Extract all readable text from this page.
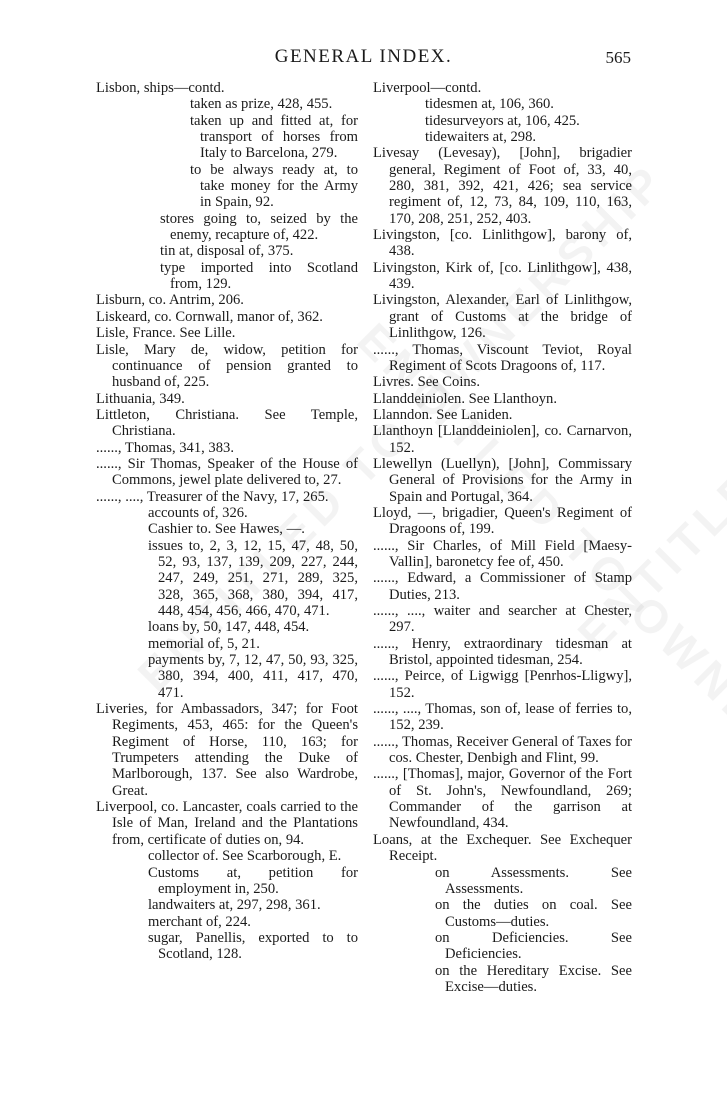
GENERAL INDEX.	565
Lisbon, ships—contd.
taken as prize, 428, 455.
taken up and fitted at, for transport of horses from Italy to Barcelona, 279.
to be always ready at, to take money for the Army in Spain, 92.
stores going to, seized by the enemy, recapture of, 422.
tin at, disposal of, 375.
type imported into Scotland from, 129.
Lisburn, co. Antrim, 206.
Liskeard, co. Cornwall, manor of, 362.
Lisle, France. See Lille.
Lisle, Mary de, widow, petition for continuance of pension granted to husband of, 225.
Lithuania, 349.
Littleton, Christiana. See Temple, Christiana.
......, Thomas, 341, 383.
......, Sir Thomas, Speaker of the House of Commons, jewel plate delivered to, 27.
......, ...., Treasurer of the Navy, 17, 265.
accounts of, 326.
Cashier to. See Hawes, —.
issues to, 2, 3, 12, 15, 47, 48, 50, 52, 93, 137, 139, 209, 227, 244, 247, 249, 251, 271, 289, 325, 328, 365, 368, 380, 394, 417, 448, 454, 456, 466, 470, 471.
loans by, 50, 147, 448, 454.
memorial of, 5, 21.
payments by, 7, 12, 47, 50, 93, 325, 380, 394, 400, 411, 417, 470, 471.
Liveries, for Ambassadors, 347; for Foot Regiments, 453, 465: for the Queen's Regiment of Horse, 110, 163; for Trumpeters attending the Duke of Marlborough, 137. See also Wardrobe, Great.
Liverpool, co. Lancaster, coals carried to the Isle of Man, Ireland and the Plantations from, certificate of duties on, 94.
collector of. See Scarborough, E.
Customs at, petition for employment in, 250.
landwaiters at, 297, 298, 361.
merchant of, 224.
sugar, Panellis, exported to to Scotland, 128.
Liverpool—contd.
tidesmen at, 106, 360.
tidesurveyors at, 106, 425.
tidewaiters at, 298.
Livesay (Levesay), [John], brigadier general, Regiment of Foot of, 33, 40, 280, 381, 392, 421, 426; sea service regiment of, 12, 73, 84, 109, 110, 163, 170, 208, 251, 252, 403.
Livingston, [co. Linlithgow], barony of, 438.
Livingston, Kirk of, [co. Linlithgow], 438, 439.
Livingston, Alexander, Earl of Linlithgow, grant of Customs at the bridge of Linlithgow, 126.
......, Thomas, Viscount Teviot, Royal Regiment of Scots Dragoons of, 117.
Livres. See Coins.
Llanddeiniolen. See Llanthoyn.
Llanndon. See Laniden.
Llanthoyn [Llanddeiniolen], co. Carnarvon, 152.
Llewellyn (Luellyn), [John], Commissary General of Provisions for the Army in Spain and Portugal, 364.
Lloyd, —, brigadier, Queen's Regiment of Dragoons of, 199.
......, Sir Charles, of Mill Field [Maesy-Vallin], baronetcy fee of, 450.
......, Edward, a Commissioner of Stamp Duties, 213.
......, ...., waiter and searcher at Chester, 297.
......, Henry, extraordinary tidesman at Bristol, appointed tidesman, 254.
......, Peirce, of Ligwigg [Penrhos-Lligwy], 152.
......, ...., Thomas, son of, lease of ferries to, 152, 239.
......, Thomas, Receiver General of Taxes for cos. Chester, Denbigh and Flint, 99.
......, [Thomas], major, Governor of the Fort of St. John's, Newfoundland, 269; Commander of the garrison at Newfoundland, 434.
Loans, at the Exchequer. See Exchequer Receipt.
on Assessments. See Assessments.
on the duties on coal. See Customs—duties.
on Deficiencies. See Deficiencies.
on the Hereditary Excise. See Excise—duties.
